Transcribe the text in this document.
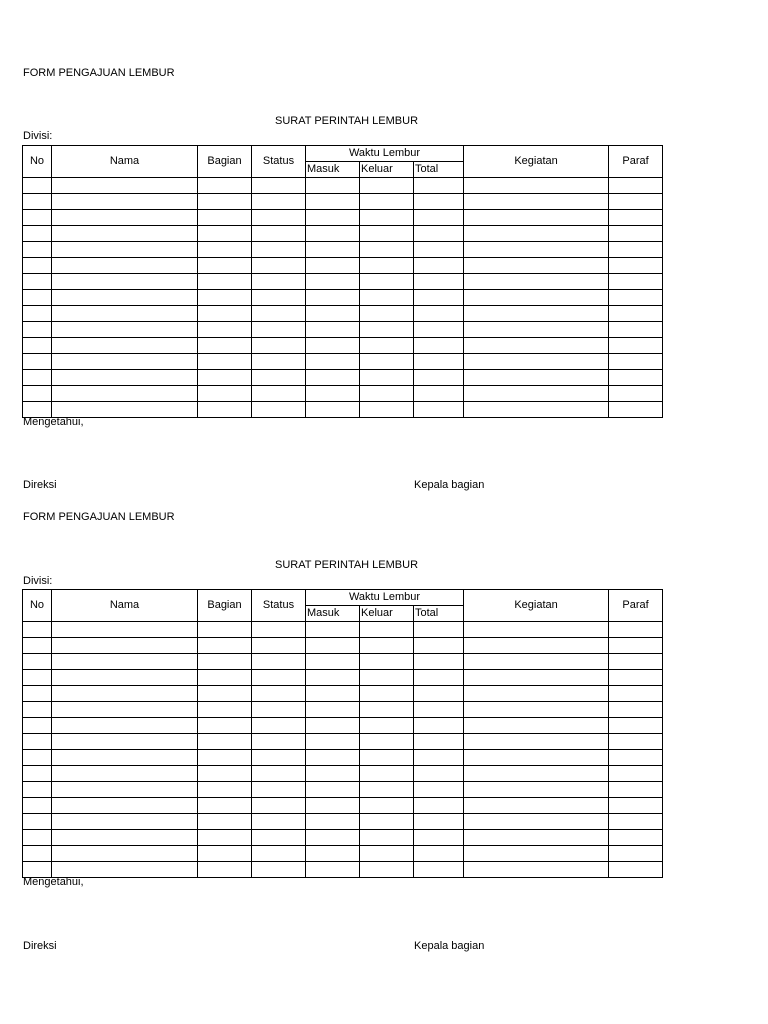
FORM PENGAJUAN LEMBUR
SURAT PERINTAH LEMBUR
Divisi:
No	Nama	Bagian	Status	Waktu Lembur			Kegiatan	Paraf
				Masuk	Keluar	Total		

Mengetahui,
Direksi	Kepala bagian
FORM PENGAJUAN LEMBUR
SURAT PERINTAH LEMBUR
Divisi:
No	Nama	Bagian	Status	Waktu Lembur			Kegiatan	Paraf
				Masuk	Keluar	Total		

Mengetahui,
Direksi	Kepala bagian
